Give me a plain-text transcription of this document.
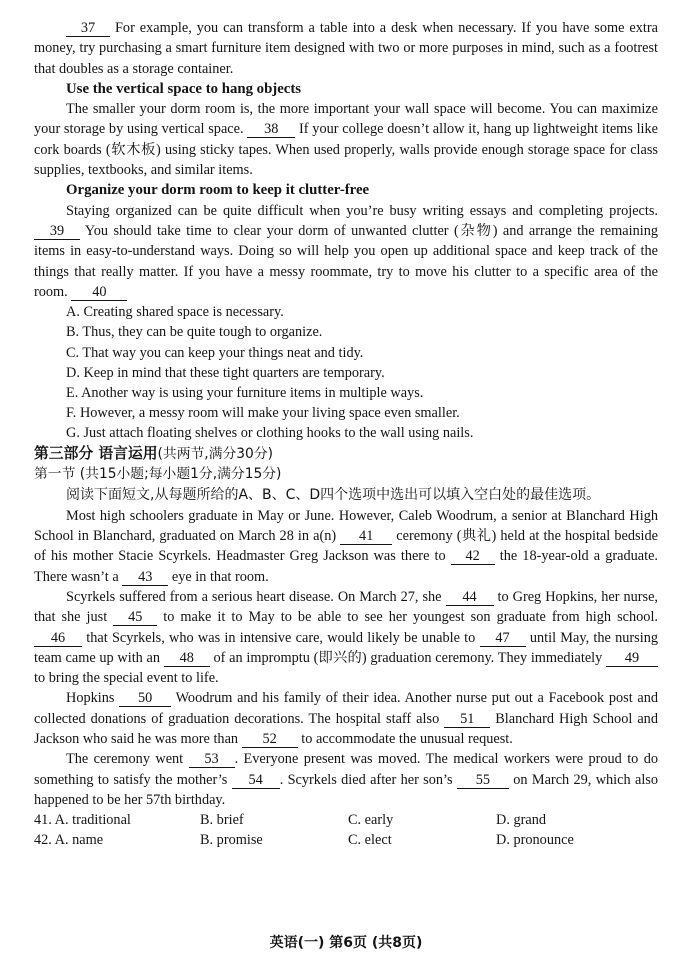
37 For example, you can transform a table into a desk when necessary. If you have some extra money, try purchasing a smart furniture item designed with two or more purposes in mind, such as a footrest that doubles as a storage container.

Use the vertical space to hang objects

The smaller your dorm room is, the more important your wall space will become. You can maximize your storage by using vertical space. 38 If your college doesn’t allow it, hang up lightweight items like cork boards (软木板) using sticky tapes. When used properly, walls provide enough storage space for class supplies, textbooks, and similar items.

Organize your dorm room to keep it clutter-free

Staying organized can be quite difficult when you’re busy writing essays and completing projects. 39 You should take time to clear your dorm of unwanted clutter (杂物) and arrange the remaining items in easy-to-understand ways. Doing so will help you open up additional space and keep track of the things that really matter. If you have a messy roommate, try to move his clutter to a specific area of the room. 40

A. Creating shared space is necessary.

B. Thus, they can be quite tough to organize.

C. That way you can keep your things neat and tidy.

D. Keep in mind that these tight quarters are temporary.

E. Another way is using your furniture items in multiple ways.

F. However, a messy room will make your living space even smaller.

G. Just attach floating shelves or clothing hooks to the wall using nails.

第三部分 语言运用(共两节,满分30分)

第一节 (共15小题;每小题1分,满分15分)

阅读下面短文,从每题所给的A、B、C、D四个选项中选出可以填入空白处的最佳选项。

Most high schoolers graduate in May or June. However, Caleb Woodrum, a senior at Blanchard High School in Blanchard, graduated on March 28 in a(n) 41 ceremony (典礼) held at the hospital bedside of his mother Stacie Scyrkels. Headmaster Greg Jackson was there to 42 the 18-year-old a graduate. There wasn’t a 43 eye in that room.

Scyrkels suffered from a serious heart disease. On March 27, she 44 to Greg Hopkins, her nurse, that she just 45 to make it to May to be able to see her youngest son graduate from high school. 46 that Scyrkels, who was in intensive care, would likely be unable to 47 until May, the nursing team came up with an 48 of an impromptu (即兴的) graduation ceremony. They immediately 49 to bring the special event to life.

Hopkins 50 Woodrum and his family of their idea. Another nurse put out a Facebook post and collected donations of graduation decorations. The hospital staff also 51 Blanchard High School and Jackson who said he was more than 52 to accommodate the unusual request.

The ceremony went 53 . Everyone present was moved. The medical workers were proud to do something to satisfy the mother’s 54 . Scyrkels died after her son’s 55 on March 29, which also happened to be her 57th birthday.

41. A. traditional	B. brief	C. early	D. grand
42. A. name	B. promise	C. elect	D. pronounce
英语(一) 第6页 (共8页)
